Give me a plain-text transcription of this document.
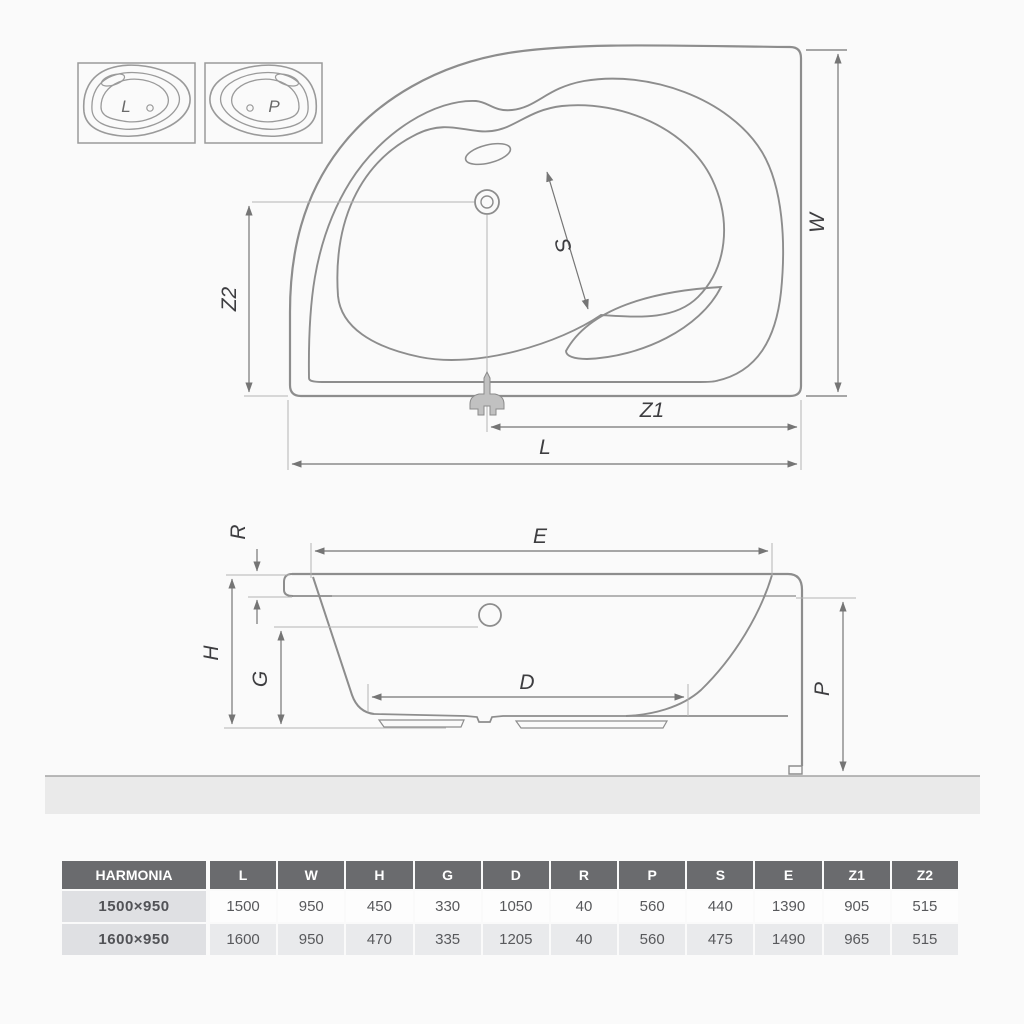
L	P
W
Z2
S
Z1
L
E
R
H
G	D	P
HARMONIA	L	W	H	G	D	R	P	S	E	Z1	Z2
1500×950	1500	950	450	330	1050	40	560	440	1390	905	515
1600×950	1600	950	470	335	1205	40	560	475	1490	965	515
